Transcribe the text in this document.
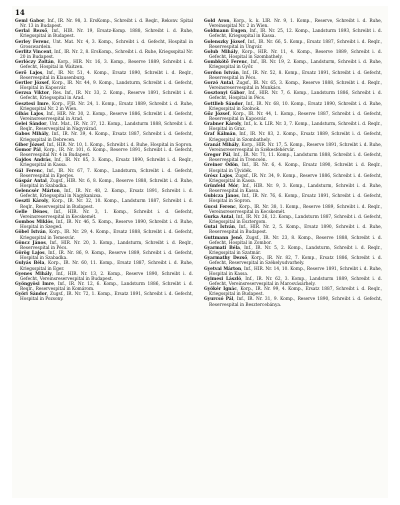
14

Geml Gabor, Inf., IR. Nr. 98, 3. ErsKomp., Schreibt i. d. Reqlr., Rekonv. Spital Nr. 13 in Budapest.

Gerlai Rezső, Inf., HIR. Nr. 19, Ersatz-Komp. 1888, Schreibt i. d. Ruhe, Kriegsspital in Budapest.

Gerley Ferenc, Unt. Mat. Nr. 4, 3. Komp., Schreibt i. d. Gefecht, Hospital in Grosswardein.

Gerlitz Vincent, Inf., IR. Nr. 2, 8. ErsKomp., Schreibt i. d. Ruhe, Kriegsspital Nr. 20 in Budapest.

Gerlóczy Zoltán, Korp., HIR. Nr. 16, 3. Komp., Reserve 1889, Schreibt i. d. Gefecht, Hospital in Waitzen.

Gerő Lajos, Inf., IR. Nr. 51, 4. Komp., Ersatz 1890, Schreibt i. d. Reqlr., Reservespital in Klausenburg.

Gertler József, Korp., IR. Nr. 44, 9. Komp., Landsturm, Schreibt i. d. Gefecht, Hospital in Kaposvár.

Gerzsa Viktor, Res. Inf., IR. Nr. 33, 2. Komp., Reserve 1891, Schreibt i. d. Gefecht, Kriegsspital in Arad.

Gesztesi Imre, Korp., FJB. Nr. 24, 1. Komp., Ersatz 1889, Schreibt i. d. Ruhe, Kriegsspital Nr. 2 in Wien.

Gibás Lajos, Inf., HIR. Nr. 30, 2. Komp., Reserve 1886, Schreibt i. d. Gefecht, Vereinsreservespital in Arad.

Gelei Sándor, Unt. Mat., IR. Nr. 37, 12. Komp., Landsturm 1888, Schreibt i. d. Reqlr., Reservespital in Nagyvárad.

Gabos Mihály, Inf., IR. Nr. 39, 4. Komp., Ersatz 1887, Schreibt i. d. Gefecht, Kriegsspital in Debrecen.

Giber József, Inf., HIR. Nr. 10, 1. Komp., Schreibt i. d. Ruhe, Hospital in Sopron.

Gomor Pál, Korp., IR. Nr. 101, 6. Komp., Reserve 1891, Schreibt i. d. Gefecht, Reservespital Nr. 4 in Budapest.

Gajdos András, Inf., IR. Nr. 85, 3. Komp., Ersatz 1890, Schreibt i. d. Reqlr., Kriegsspital in Kassa.

Gál Ferenc, Inf., IR. Nr. 67, 7. Komp., Landsturm, Schreibt i. d. Gefecht, Reservespital in Eperjes.

Gáspár Antal, Zugsf., HIR. Nr. 6, 8. Komp., Reserve 1888, Schreibt i. d. Ruhe, Hospital in Szabadka.

Gelencsér Márton, Inf., IR. Nr. 48, 2. Komp., Ersatz 1891, Schreibt i. d. Gefecht, Kriegsspital in Nagykanizsa.

Geszti Károly, Korp., IR. Nr. 32, 10. Komp., Landsturm 1887, Schreibt i. d. Reqlr., Reservespital in Budapest.

Gelle Dénes, Inf., HIR. Nr. 3, 1. Komp., Schreibt i. d. Gefecht, Vereinsreservespital in Kecskemét.

Gombos Miklós, Inf., IR. Nr. 46, 5. Komp., Reserve 1890, Schreibt i. d. Ruhe, Hospital in Szeged.

Göbel István, Korp., IR. Nr. 29, 4. Komp., Ersatz 1888, Schreibt i. d. Gefecht, Kriegsspital in Temesvár.

Göncz János, Inf., HIR. Nr. 20, 3. Komp., Landsturm, Schreibt i. d. Reqlr., Reservespital in Pécs.

Görög Lajos, Inf., IR. Nr. 86, 9. Komp., Reserve 1889, Schreibt i. d. Gefecht, Hospital in Szabadka.

Gulyás Béla, Korp., IR. Nr. 60, 11. Komp., Ersatz 1887, Schreibt i. d. Ruhe, Kriegsspital in Eger.

Gyenes Mihály, Inf., HIR. Nr. 13, 2. Komp., Reserve 1890, Schreibt i. d. Gefecht, Vereinsreservespital in Budapest.

Gyöngyösi Imre, Inf., IR. Nr. 12, 6. Komp., Landsturm 1886, Schreibt i. d. Reqlr., Reservespital in Komárom.

Györi Sándor, Zugsf., IR. Nr. 72, 1. Komp., Ersatz 1891, Schreibt i. d. Gefecht, Hospital in Pozsony.

Gold Aron, Korp., k. k. LIR. Nr. 9, 1. Komp., Reserve, Schreibt i. d. Ruhe, Vereinsspital Nr. 2 in Wien.

Goldmann Eugen, Inf., IR. Nr. 25, 12. Komp., Landsturm 1893, Schreibt i. d. Gefecht, Kriegsspital in Kassa.

Golenszky József, Inf., IR. Nr. 66, 5. Komp., Ersatz 1887, Schreibt i. d. Reqlr., Reservespital in Ungvár.

Golub Mihály, Korp., HIR. Nr. 11, 4. Komp., Reserve 1889, Schreibt i. d. Gefecht, Hospital in Szombathely.

Gombkötő Ferenc, Inf., IR. Nr. 19, 2. Komp., Landsturm, Schreibt i. d. Ruhe, Kriegsspital in Győr.

Gordon István, Inf., IR. Nr. 52, 8. Komp., Ersatz 1891, Schreibt i. d. Gefecht, Reservespital in Pécs.

Gorzó Antal, Zugsf., IR. Nr. 65, 3. Komp., Reserve 1888, Schreibt i. d. Reqlr., Vereinsreservespital in Munkács.

Gosztonyi Gábor, Inf., HIR. Nr. 7, 6. Komp., Landsturm 1886, Schreibt i. d. Gefecht, Hospital in Pécs.

Gottlieb Sándor, Inf., IR. Nr. 68, 10. Komp., Ersatz 1890, Schreibt i. d. Ruhe, Kriegsspital in Szolnok.

Gőz József, Korp., IR. Nr. 44, 1. Komp., Reserve 1887, Schreibt i. d. Gefecht, Reservespital in Kaposvár.

Grabner Károly, Inf., k. k. LIR. Nr. 3, 7. Komp., Landsturm, Schreibt i. d. Reqlr., Hospital in Graz.

Graf Kálmán, Inf., IR. Nr. 83, 2. Komp., Ersatz 1889, Schreibt i. d. Gefecht, Kriegsspital in Szombathely.

Granát Mihály, Korp., HIR. Nr. 17, 5. Komp., Reserve 1891, Schreibt i. d. Ruhe, Vereinsreservespital in Székesfehérvár.

Gregor Pál, Inf., IR. Nr. 71, 11. Komp., Landsturm 1888, Schreibt i. d. Gefecht, Reservespital in Trencsén.

Greiner Ödön, Inf., IR. Nr. 6, 4. Komp., Ersatz 1890, Schreibt i. d. Reqlr., Hospital in Újvidék.

Grósz Lajos, Zugsf., IR. Nr. 34, 9. Komp., Reserve 1886, Schreibt i. d. Gefecht, Kriegsspital in Kassa.

Grünfeld Mór, Inf., HIR. Nr. 9, 3. Komp., Landsturm, Schreibt i. d. Ruhe, Reservespital in Kassa.

Gubicza János, Inf., IR. Nr. 76, 6. Komp., Ersatz 1891, Schreibt i. d. Gefecht, Hospital in Sopron.

Gucsi Ferenc, Korp., IR. Nr. 38, 1. Komp., Reserve 1889, Schreibt i. d. Reqlr., Vereinsreservespital in Kecskemét.

Gurka Antal, Inf., IR. Nr. 26, 12. Komp., Landsturm 1887, Schreibt i. d. Gefecht, Kriegsspital in Esztergom.

Gutai István, Inf., HIR. Nr. 2, 5. Komp., Ersatz 1890, Schreibt i. d. Ruhe, Reservespital in Budapest.

Guttmann Jenő, Zugsf., IR. Nr. 23, 8. Komp., Reserve 1888, Schreibt i. d. Gefecht, Hospital in Zombor.

Gyarmati Béla, Inf., IR. Nr. 5, 2. Komp., Landsturm, Schreibt i. d. Reqlr., Kriegsspital in Szatmár.

Gyarmathy Dezső, Korp., IR. Nr. 82, 7. Komp., Ersatz 1886, Schreibt i. d. Gefecht, Reservespital in Székelyudvarhely.

Gyetvai Márton, Inf., HIR. Nr. 14, 10. Komp., Reserve 1891, Schreibt i. d. Ruhe, Hospital in Kassa.

Gyimesi László, Inf., IR. Nr. 62, 3. Komp., Landsturm 1889, Schreibt i. d. Gefecht, Vereinsreservespital in Marosvásárhely.

Gyökér Ignác, Korp., IR. Nr. 99, 4. Komp., Ersatz 1887, Schreibt i. d. Reqlr., Kriegsspital in Budapest.

Gyurcsó Pál, Inf., IR. Nr. 31, 9. Komp., Reserve 1890, Schreibt i. d. Gefecht, Reservespital in Besztercebánya.
